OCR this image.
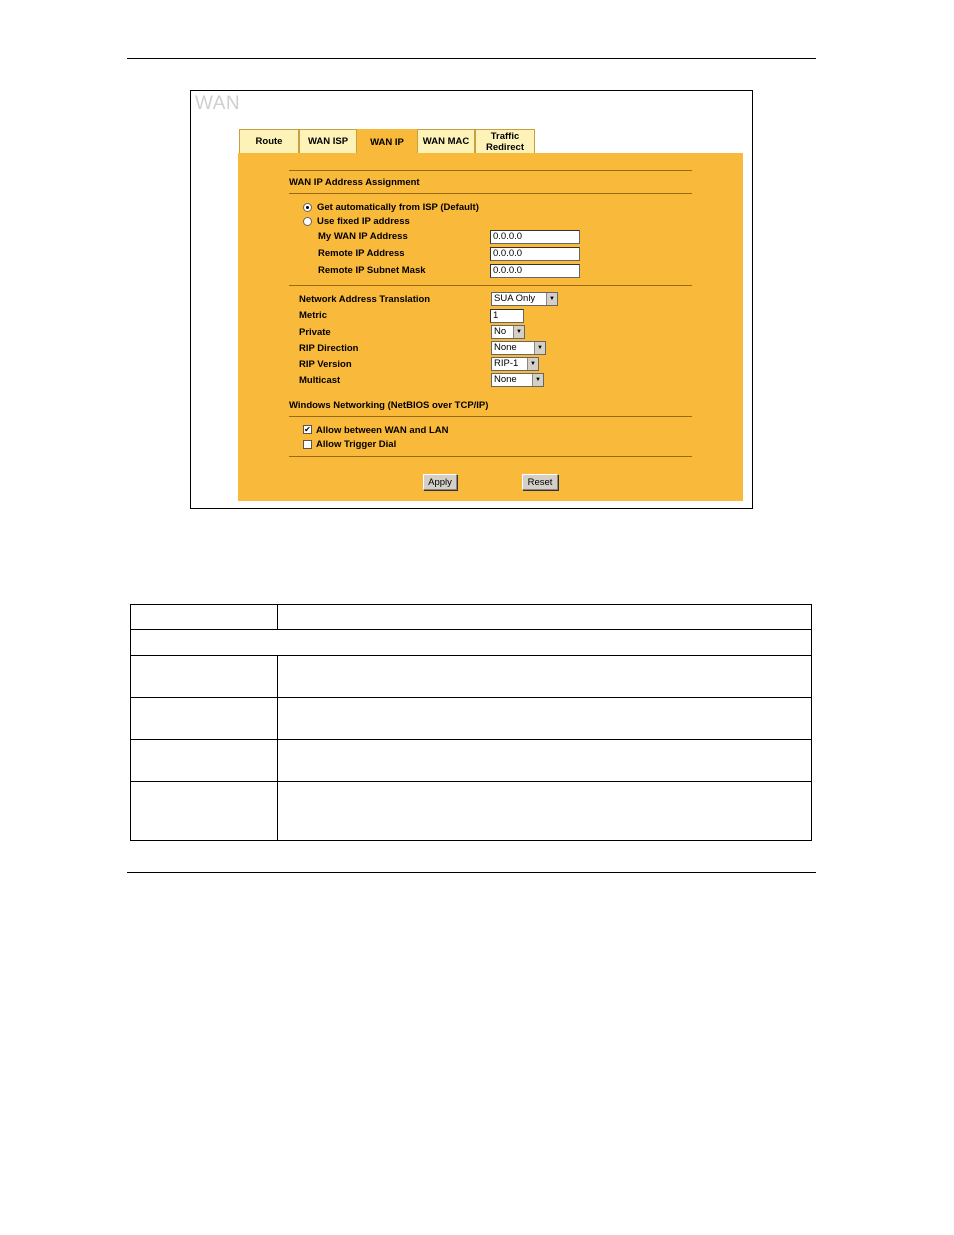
WAN
Route	WAN ISP WAN IP WAN MAC	Traffic Redirect
WAN IP Address Assignment
Get automatically from ISP (Default)
Use fixed IP address
My WAN IP Address	0.0.0.0
Remote IP Address	0.0.0.0
Remote IP Subnet Mask	0.0.0.0
Network Address Translation	SUA Only	▼
Metric	1
Private	No	▼
RIP Direction	None	▼
RIP Version	RIP-1	▼
Multicast	None	▼
Windows Networking (NetBIOS over TCP/IP)
✔ Allow between WAN and LAN
Allow Trigger Dial
Apply	Reset
